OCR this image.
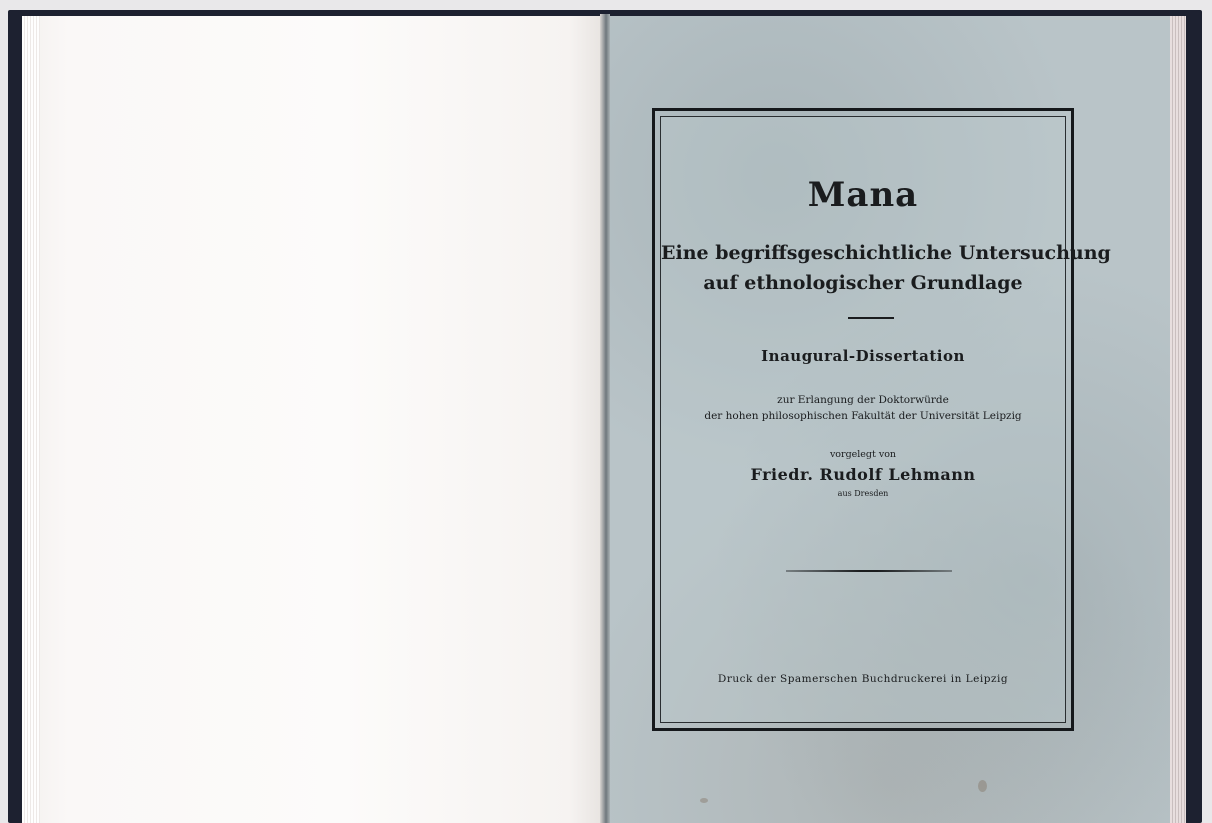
Mana
Eine begriffsgeschichtliche Untersuchung
auf ethnologischer Grundlage
Inaugural-Dissertation
zur Erlangung der Doktorwürde
der hohen philosophischen Fakultät der Universität Leipzig
vorgelegt von
Friedr. Rudolf Lehmann
aus Dresden
Druck der Spamerschen Buchdruckerei in Leipzig
